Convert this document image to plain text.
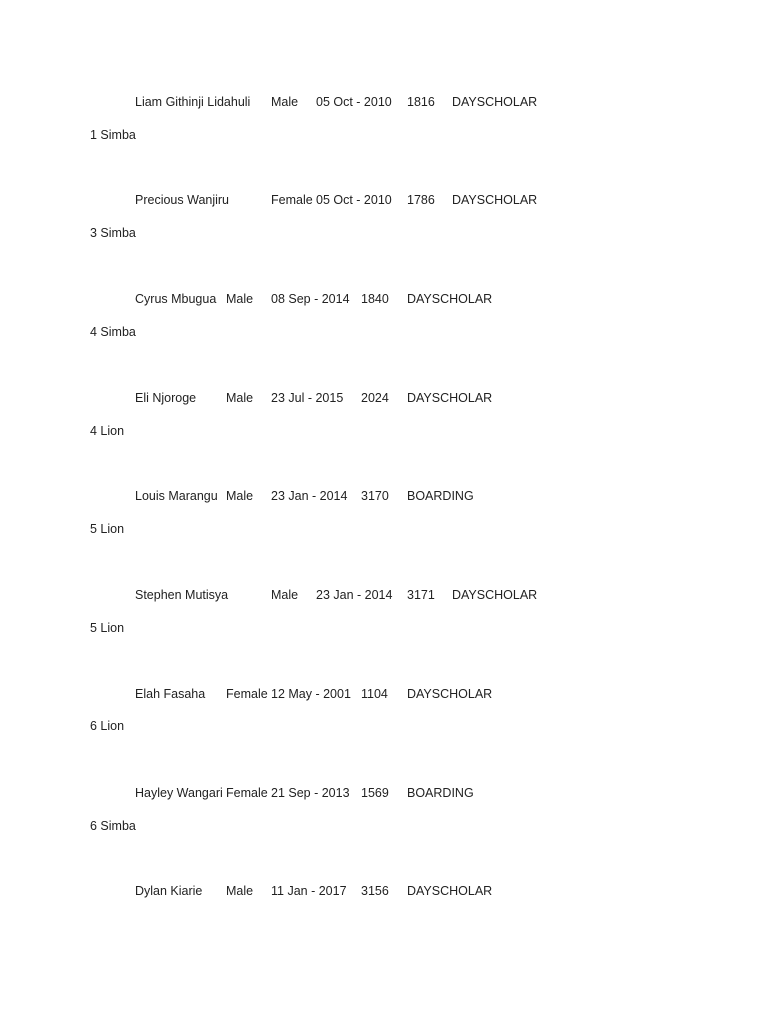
Liam Githinji Lidahuli Male 05 Oct - 2010 1816 DAYSCHOLAR
1 Simba
Precious Wanjiru	Female 05 Oct - 2010 1786 DAYSCHOLAR
3 Simba
Cyrus Mbugua Male 08 Sep - 2014 1840 DAYSCHOLAR
4 Simba
Eli Njoroge Male 23 Jul - 2015 2024 DAYSCHOLAR
4 Lion
Louis Marangu Male 23 Jan - 2014 3170 BOARDING
5 Lion
Stephen Mutisya	Male 23 Jan - 2014 3171 DAYSCHOLAR
5 Lion
Elah Fasaha Female 12 May - 2001 1104 DAYSCHOLAR
6 Lion
Hayley Wangari Female 21 Sep - 2013 1569 BOARDING
6 Simba
Dylan Kiarie Male 11 Jan - 2017 3156 DAYSCHOLAR
